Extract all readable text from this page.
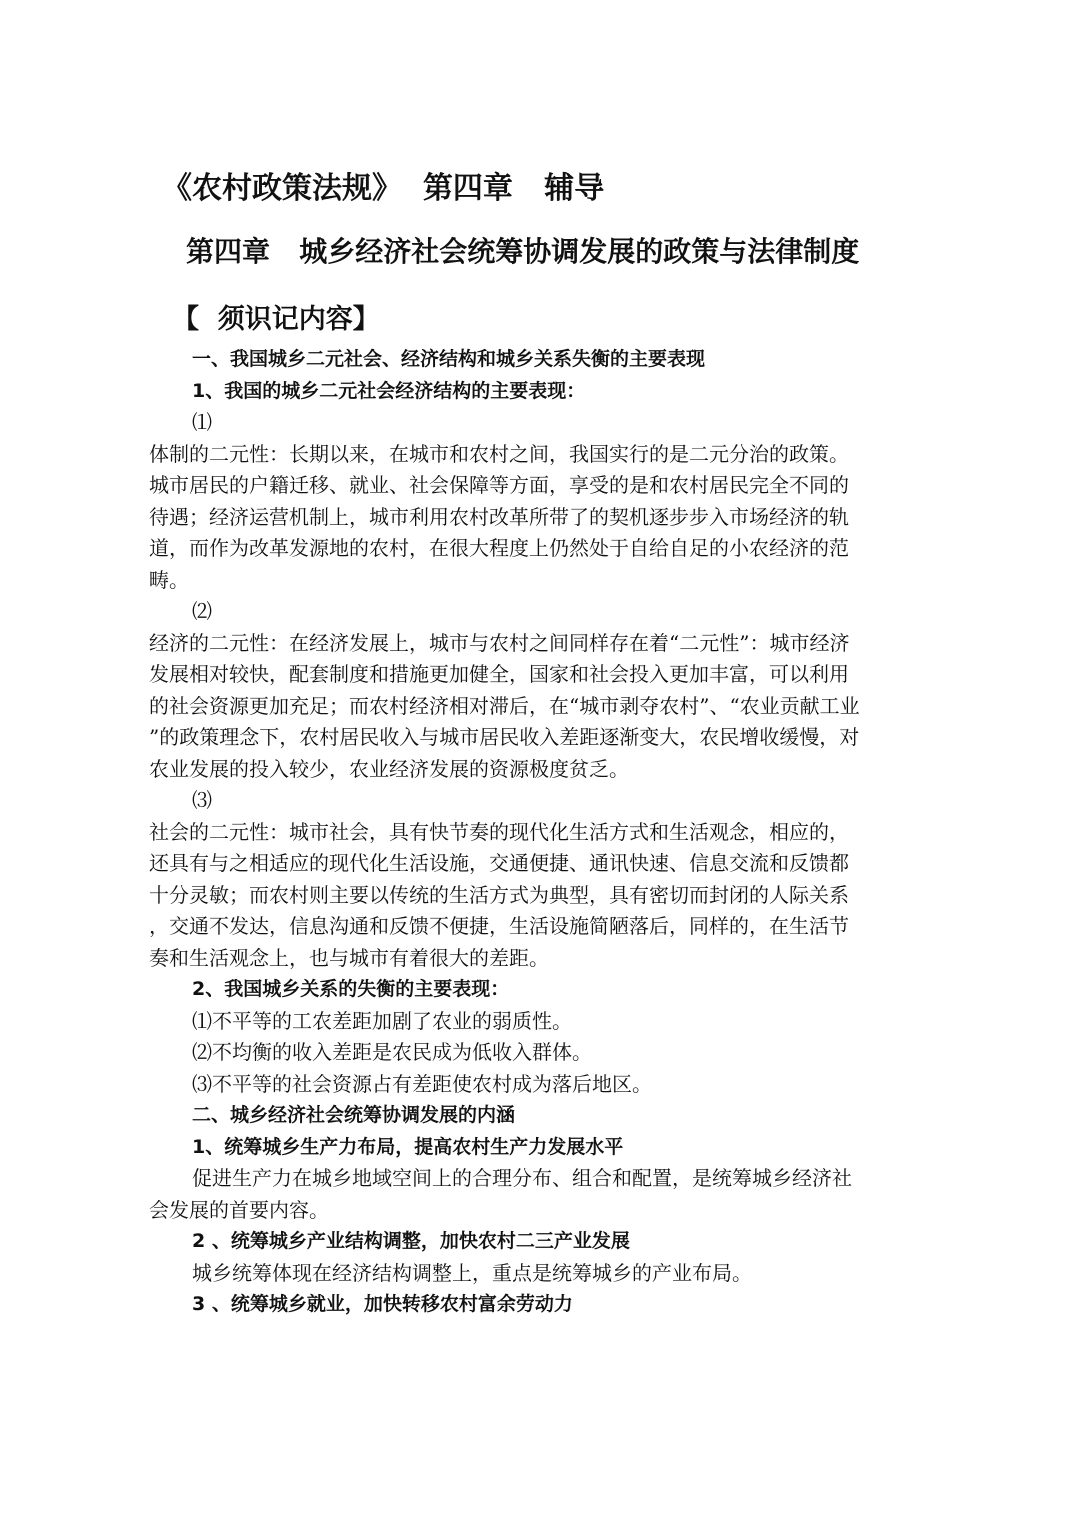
《农村政策法规》  第四章   辅导
第四章   城乡经济社会统筹协调发展的政策与法律制度
【  须识记内容】

一、我国城乡二元社会、经济结构和城乡关系失衡的主要表现

1、我国的城乡二元社会经济结构的主要表现：

⑴

体制的二元性：长期以来，在城市和农村之间，我国实行的是二元分治的政策。

城市居民的户籍迁移、就业、社会保障等方面，享受的是和农村居民完全不同的

待遇；经济运营机制上，城市利用农村改革所带了的契机逐步步入市场经济的轨

道，而作为改革发源地的农村，在很大程度上仍然处于自给自足的小农经济的范

畴。

⑵

经济的二元性：在经济发展上，城市与农村之间同样存在着“二元性”：城市经济

发展相对较快，配套制度和措施更加健全，国家和社会投入更加丰富，可以利用

的社会资源更加充足；而农村经济相对滞后，在“城市剥夺农村”、“农业贡献工业

”的政策理念下，农村居民收入与城市居民收入差距逐渐变大，农民增收缓慢，对

农业发展的投入较少，农业经济发展的资源极度贫乏。

⑶

社会的二元性：城市社会，具有快节奏的现代化生活方式和生活观念，相应的，

还具有与之相适应的现代化生活设施，交通便捷、通讯快速、信息交流和反馈都

十分灵敏；而农村则主要以传统的生活方式为典型，具有密切而封闭的人际关系

，交通不发达，信息沟通和反馈不便捷，生活设施简陋落后，同样的，在生活节

奏和生活观念上，也与城市有着很大的差距。

2、我国城乡关系的失衡的主要表现：

⑴不平等的工农差距加剧了农业的弱质性。

⑵不均衡的收入差距是农民成为低收入群体。

⑶不平等的社会资源占有差距使农村成为落后地区。

二、城乡经济社会统筹协调发展的内涵

1、统筹城乡生产力布局，提高农村生产力发展水平

促进生产力在城乡地域空间上的合理分布、组合和配置，是统筹城乡经济社

会发展的首要内容。

2 、统筹城乡产业结构调整，加快农村二三产业发展

城乡统筹体现在经济结构调整上，重点是统筹城乡的产业布局。

3 、统筹城乡就业，加快转移农村富余劳动力
